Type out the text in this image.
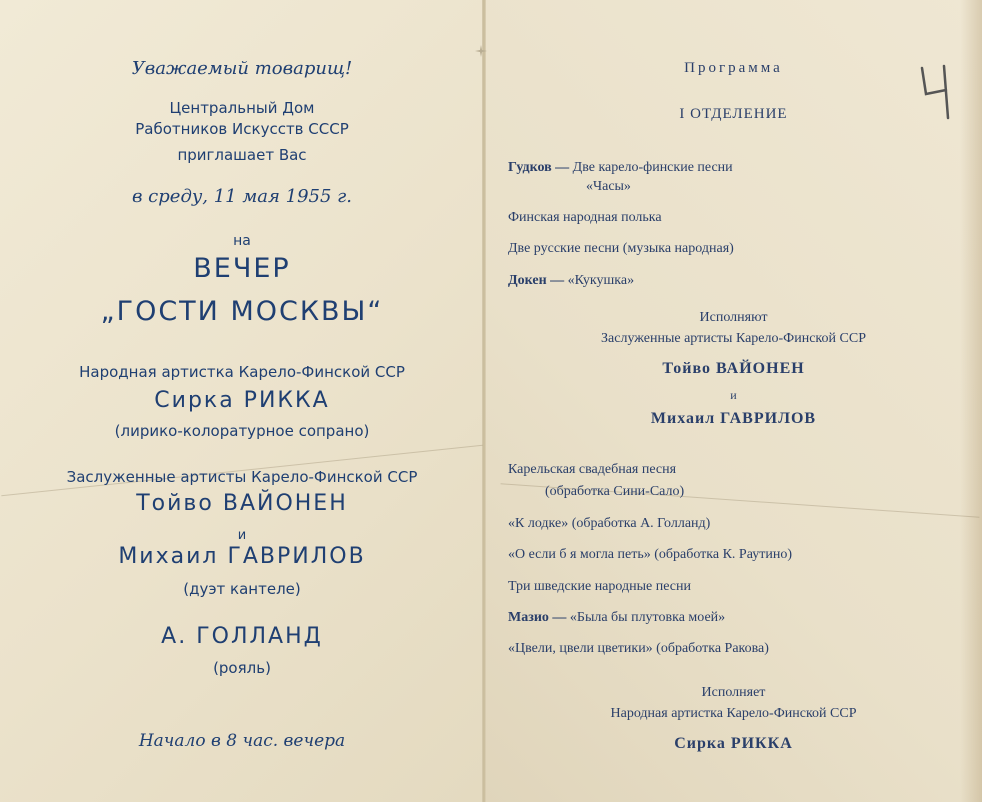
Уважаемый товарищ!
Центральный Дом
Работников Искусств СССР
приглашает Вас
в среду, 11 мая 1955 г.
на
ВЕЧЕР
„ГОСТИ МОСКВЫ“
Народная артистка Карело-Финской ССР
Сирка РИККА
(лирико-колоратурное сопрано)
Заслуженные артисты Карело-Финской ССР
Тойво ВАЙОНЕН
и
Михаил ГАВРИЛОВ
(дуэт кантеле)
А. ГОЛЛАНД
(рояль)
Начало в 8 час. вечера
Программа
I ОТДЕЛЕНИЕ
Гудков — Две карело-финские песни
«Часы»
Финская народная полька
Две русские песни (музыка народная)
Докен — «Кукушка»
Исполняют
Заслуженные артисты Карело-Финской ССР
Тойво ВАЙОНЕН
и
Михаил ГАВРИЛОВ
Карельская свадебная песня
(обработка Сини-Сало)
«К лодке» (обработка А. Голланд)
«О если б я могла петь» (обработка К. Раутино)
Три шведские народные песни
Мазио — «Была бы плутовка моей»
«Цвели, цвели цветики» (обработка Ракова)
Исполняет
Народная артистка Карело-Финской ССР
Сирка РИККА
